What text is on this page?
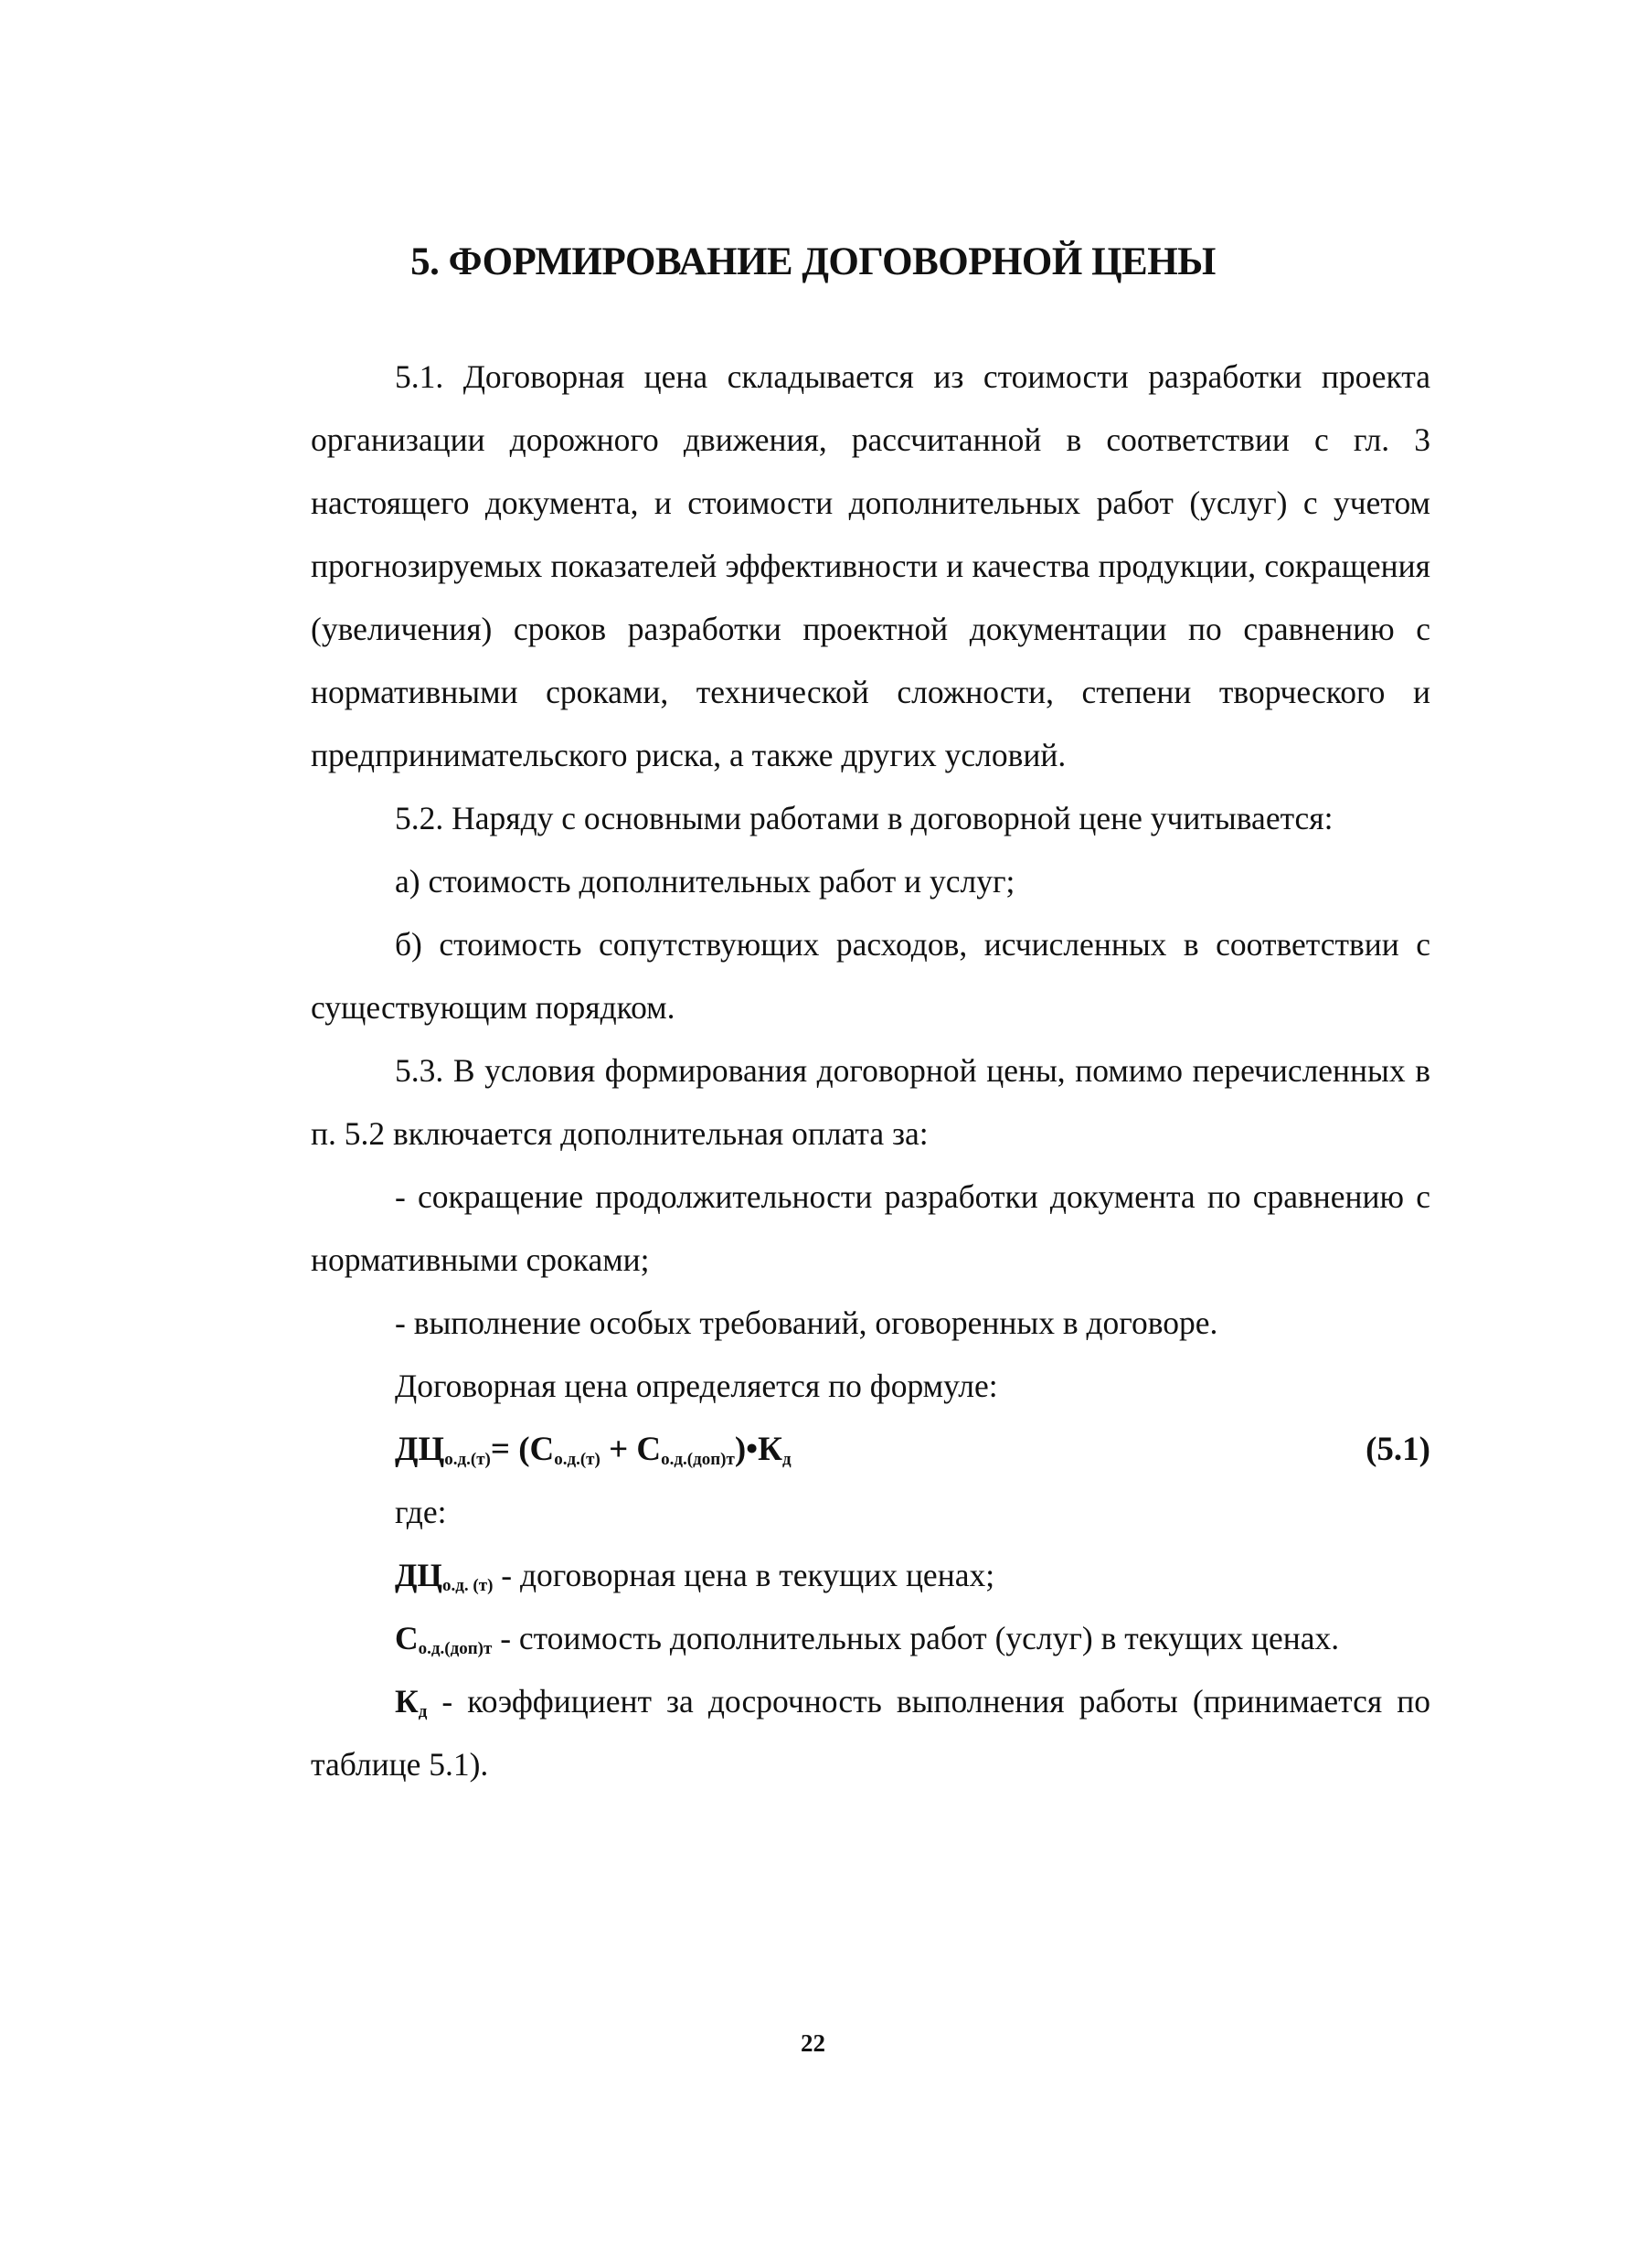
5. ФОРМИРОВАНИЕ ДОГОВОРНОЙ ЦЕНЫ

5.1. Договорная цена складывается из стоимости разработки проекта организации дорожного движения, рассчитанной в соответствии с гл. 3 настоящего документа, и стоимости дополнительных работ (услуг) с учетом прогнозируемых показателей эффективности и качества продукции, сокращения (увеличения) сроков разработки проектной документации по сравнению с нормативными сроками, технической сложности, степени творческого и предпринимательского риска, а также других условий.

5.2. Наряду с основными работами в договорной цене учитывается:

а) стоимость дополнительных работ и услуг;

б) стоимость сопутствующих расходов, исчисленных в соответствии с существующим порядком.

5.3. В условия формирования договорной цены, помимо перечисленных в п. 5.2 включается дополнительная оплата за:

- сокращение продолжительности разработки документа по сравнению с нормативными сроками;

- выполнение особых требований, оговоренных в договоре.

Договорная цена определяется по формуле:

$ДЦ_{о.д.(т)}= (С_{о.д.(т)}$ + $С_{о.д.(доп)т})•К_д$	(5.1)

где:

$ДЦ_{о.д. (т)}$ - договорная цена в текущих ценах;

$С_{о.д.(доп)т}$ - стоимость дополнительных работ (услуг) в текущих ценах.

$К_д$ - коэффициент за досрочность выполнения работы (принимается по таблице 5.1).

22
